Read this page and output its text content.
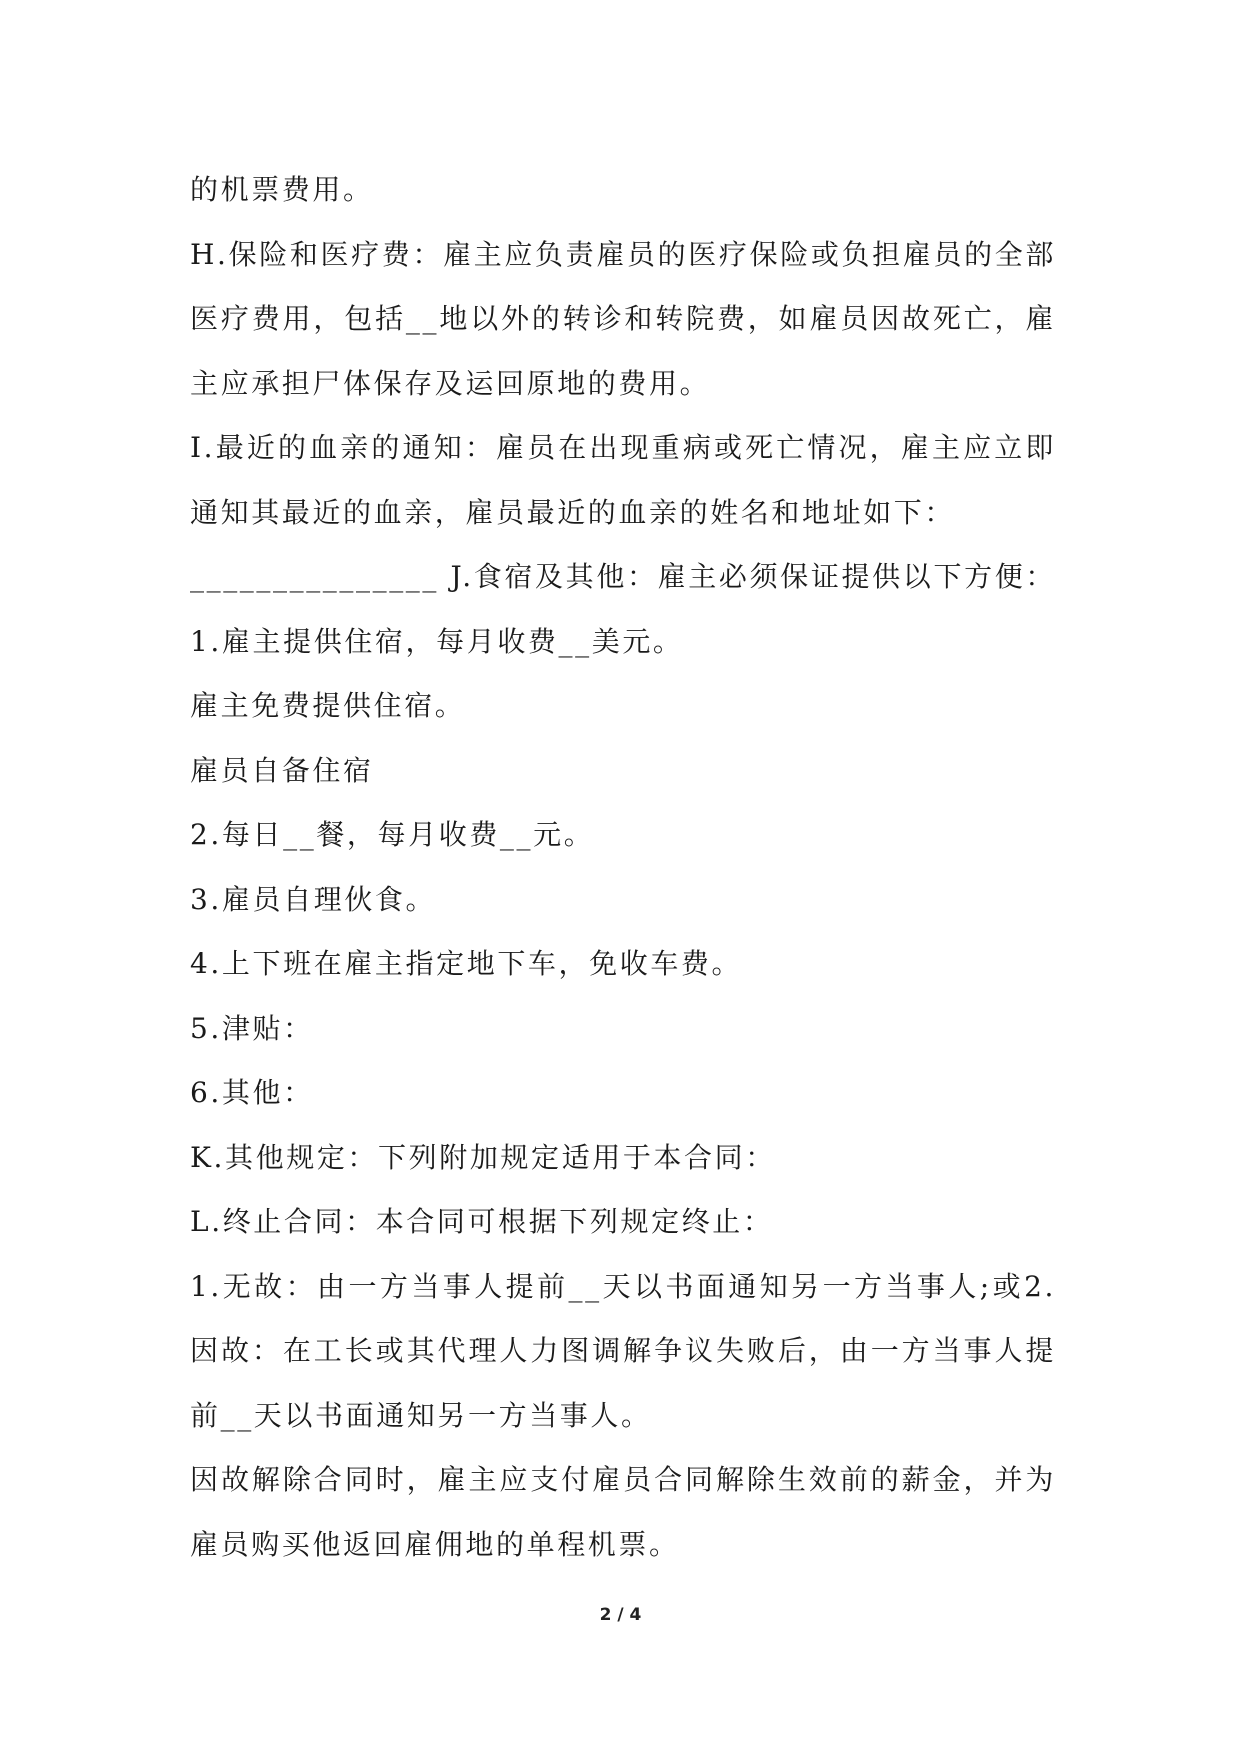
的机票费用。
H.保险和医疗费：雇主应负责雇员的医疗保险或负担雇员的全部
医疗费用，包括__地以外的转诊和转院费，如雇员因故死亡，雇
主应承担尸体保存及运回原地的费用。
I.最近的血亲的通知：雇员在出现重病或死亡情况，雇主应立即
通知其最近的血亲，雇员最近的血亲的姓名和地址如下：
_______________ J.食宿及其他：雇主必须保证提供以下方便：
1.雇主提供住宿，每月收费__美元。
雇主免费提供住宿。
雇员自备住宿
2.每日__餐，每月收费__元。
3.雇员自理伙食。
4.上下班在雇主指定地下车，免收车费。
5.津贴：
6.其他：
K.其他规定：下列附加规定适用于本合同：
L.终止合同：本合同可根据下列规定终止：
1.无故：由一方当事人提前__天以书面通知另一方当事人;或2.
因故：在工长或其代理人力图调解争议失败后，由一方当事人提
前__天以书面通知另一方当事人。
因故解除合同时，雇主应支付雇员合同解除生效前的薪金，并为
雇员购买他返回雇佣地的单程机票。
2 / 4
